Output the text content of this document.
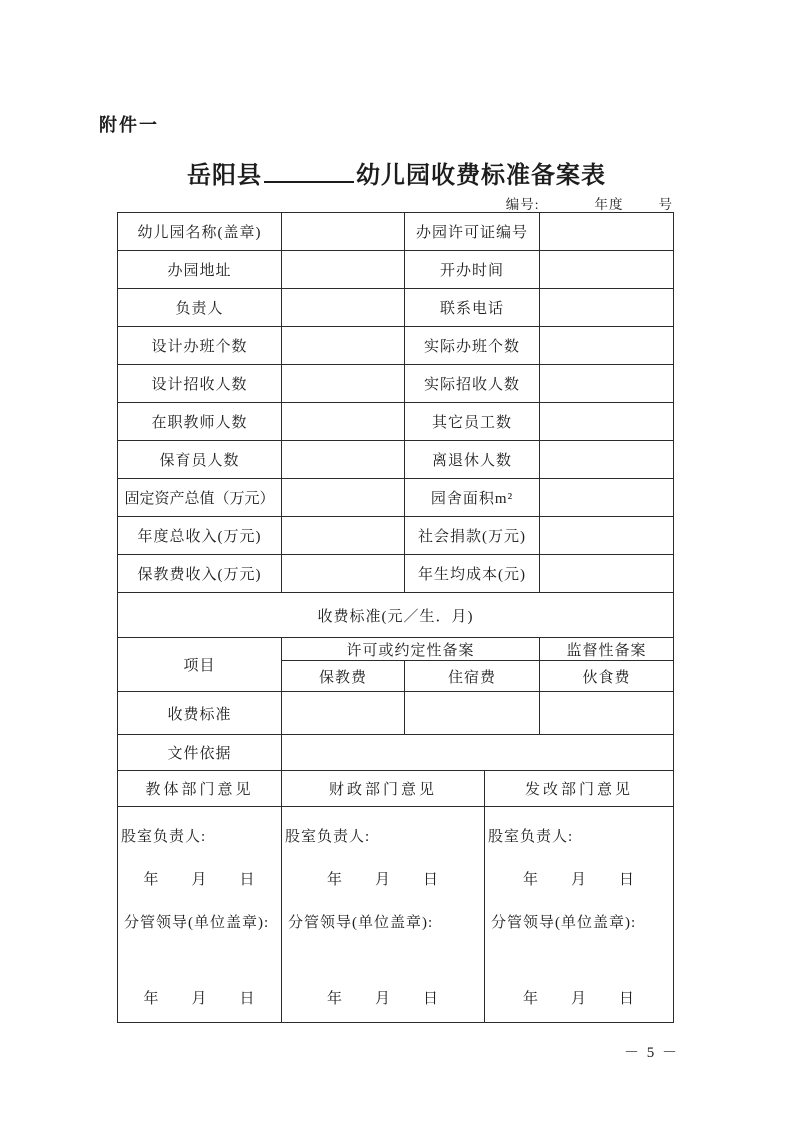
附件一
岳阳县	幼儿园收费标准备案表
编号:	年度	号
幼儿园名称(盖章)		办园许可证编号	
办园地址		开办时间	
负责人		联系电话	
设计办班个数		实际办班个数	
设计招收人数		实际招收人数	
在职教师人数		其它员工数	
保育员人数		离退休人数	
固定资产总值（万元）		园舍面积m²	
年度总收入(万元)		社会捐款(万元)	
保教费收入(万元)		年生均成本(元)	
收费标准(元／生．月)			
项目	许可或约定性备案		监督性备案
	保教费	住宿费	伙食费
收费标准			
文件依据			
教体部门意见	财政部门意见	发改部门意见

股室负责人:
年　　月　　日
分管领导(单位盖章):
年　　月　　日

股室负责人:
年　　月　　日
分管领导(单位盖章):
年　　月　　日

股室负责人:
年　　月　　日
分管领导(单位盖章):
年　　月　　日
－ 5 －
